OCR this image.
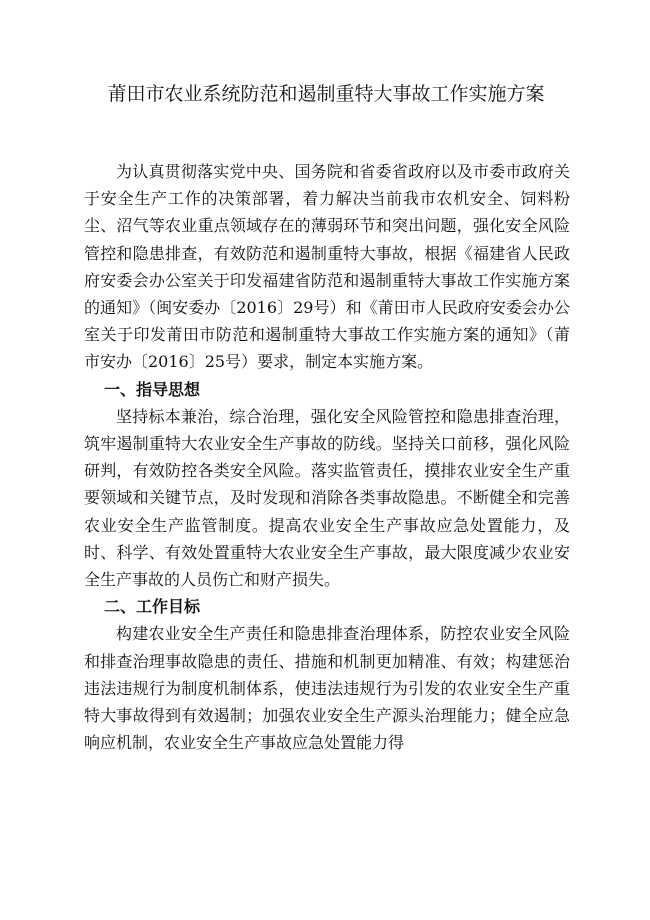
莆田市农业系统防范和遏制重特大事故工作实施方案

为认真贯彻落实党中央、国务院和省委省政府以及市委市政府关于安全生产工作的决策部署，着力解决当前我市农机安全、饲料粉尘、沼气等农业重点领域存在的薄弱环节和突出问题，强化安全风险管控和隐患排查，有效防范和遏制重特大事故，根据《福建省人民政府安委会办公室关于印发福建省防范和遏制重特大事故工作实施方案的通知》（闽安委办〔2016〕29号）和《莆田市人民政府安委会办公室关于印发莆田市防范和遏制重特大事故工作实施方案的通知》（莆市安办〔2016〕25号）要求，制定本实施方案。

一、指导思想

坚持标本兼治，综合治理，强化安全风险管控和隐患排查治理，筑牢遏制重特大农业安全生产事故的防线。坚持关口前移，强化风险研判，有效防控各类安全风险。落实监管责任，摸排农业安全生产重要领域和关键节点，及时发现和消除各类事故隐患。不断健全和完善农业安全生产监管制度。提高农业安全生产事故应急处置能力，及时、科学、有效处置重特大农业安全生产事故，最大限度减少农业安全生产事故的人员伤亡和财产损失。

二、工作目标

构建农业安全生产责任和隐患排查治理体系，防控农业安全风险和排查治理事故隐患的责任、措施和机制更加精准、有效；构建惩治违法违规行为制度机制体系，使违法违规行为引发的农业安全生产重特大事故得到有效遏制；加强农业安全生产源头治理能力；健全应急响应机制，农业安全生产事故应急处置能力得
